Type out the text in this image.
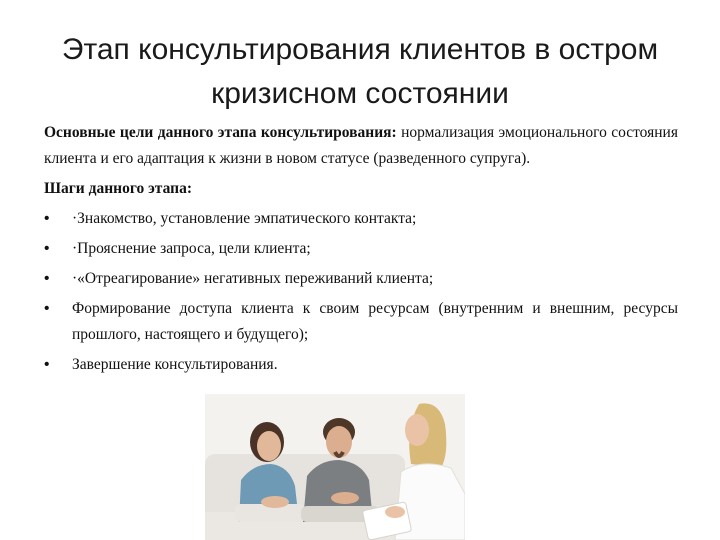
Этап консультирования клиентов в остром кризисном состоянии

Основные цели данного этапа консультирования: нормализация эмоционального состояния клиента и его адаптация к жизни в новом статусе (разведенного супруга).

Шаги данного этапа:
• ·Знакомство, установление эмпатического контакта;
• ·Прояснение запроса, цели клиента;
• ·«Отреагирование» негативных переживаний клиента;
• Формирование доступа клиента к своим ресурсам (внутренним и внешним, ресурсы прошлого, настоящего и будущего);
• Завершение консультирования.
